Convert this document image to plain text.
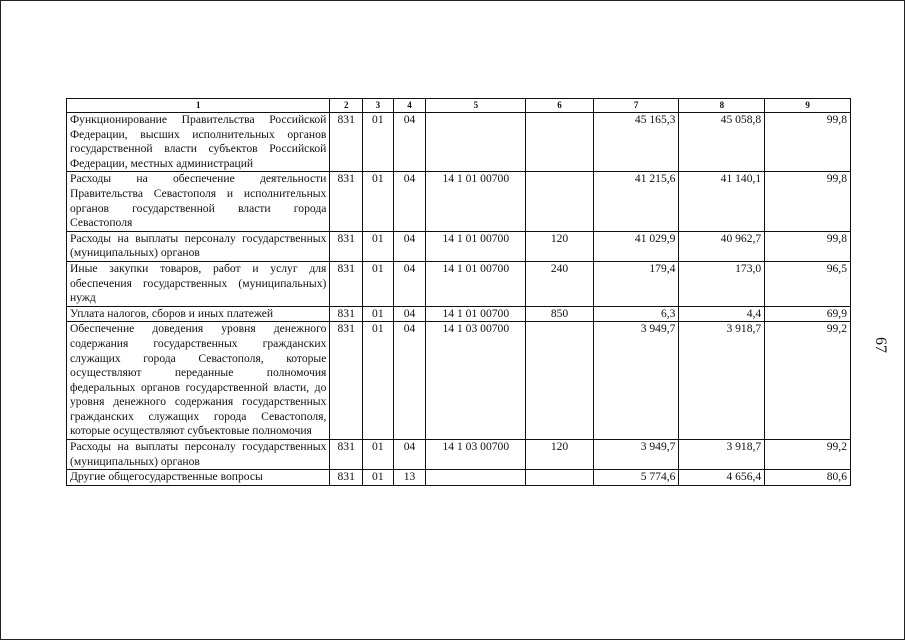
1	2	3	4	5	6	7	8	9
Функционирование Правительства Российской Федерации, высших исполнительных органов государственной власти субъектов Российской Федерации, местных администраций	831	01	04			45 165,3	45 058,8	99,8
Расходы на обеспечение деятельности Правительства Севастополя и исполнительных органов государственной власти города Севастополя	831	01	04	14 1 01 00700		41 215,6	41 140,1	99,8
Расходы на выплаты персоналу государственных (муниципальных) органов	831	01	04	14 1 01 00700	120	41 029,9	40 962,7	99,8
Иные закупки товаров, работ и услуг для обеспечения государственных (муниципальных) нужд	831	01	04	14 1 01 00700	240	179,4	173,0	96,5
Уплата налогов, сборов и иных платежей	831	01	04	14 1 01 00700	850	6,3	4,4	69,9
Обеспечение доведения уровня денежного содержания государственных гражданских служащих города Севастополя, которые осуществляют переданные полномочия федеральных органов государственной власти, до уровня денежного содержания государственных гражданских служащих города Севастополя, которые осуществляют субъектовые полномочия	831	01	04	14 1 03 00700		3 949,7	3 918,7	99,2
Расходы на выплаты персоналу государственных (муниципальных) органов	831	01	04	14 1 03 00700	120	3 949,7	3 918,7	99,2
Другие общегосударственные вопросы	831	01	13			5 774,6	4 656,4	80,6
67
